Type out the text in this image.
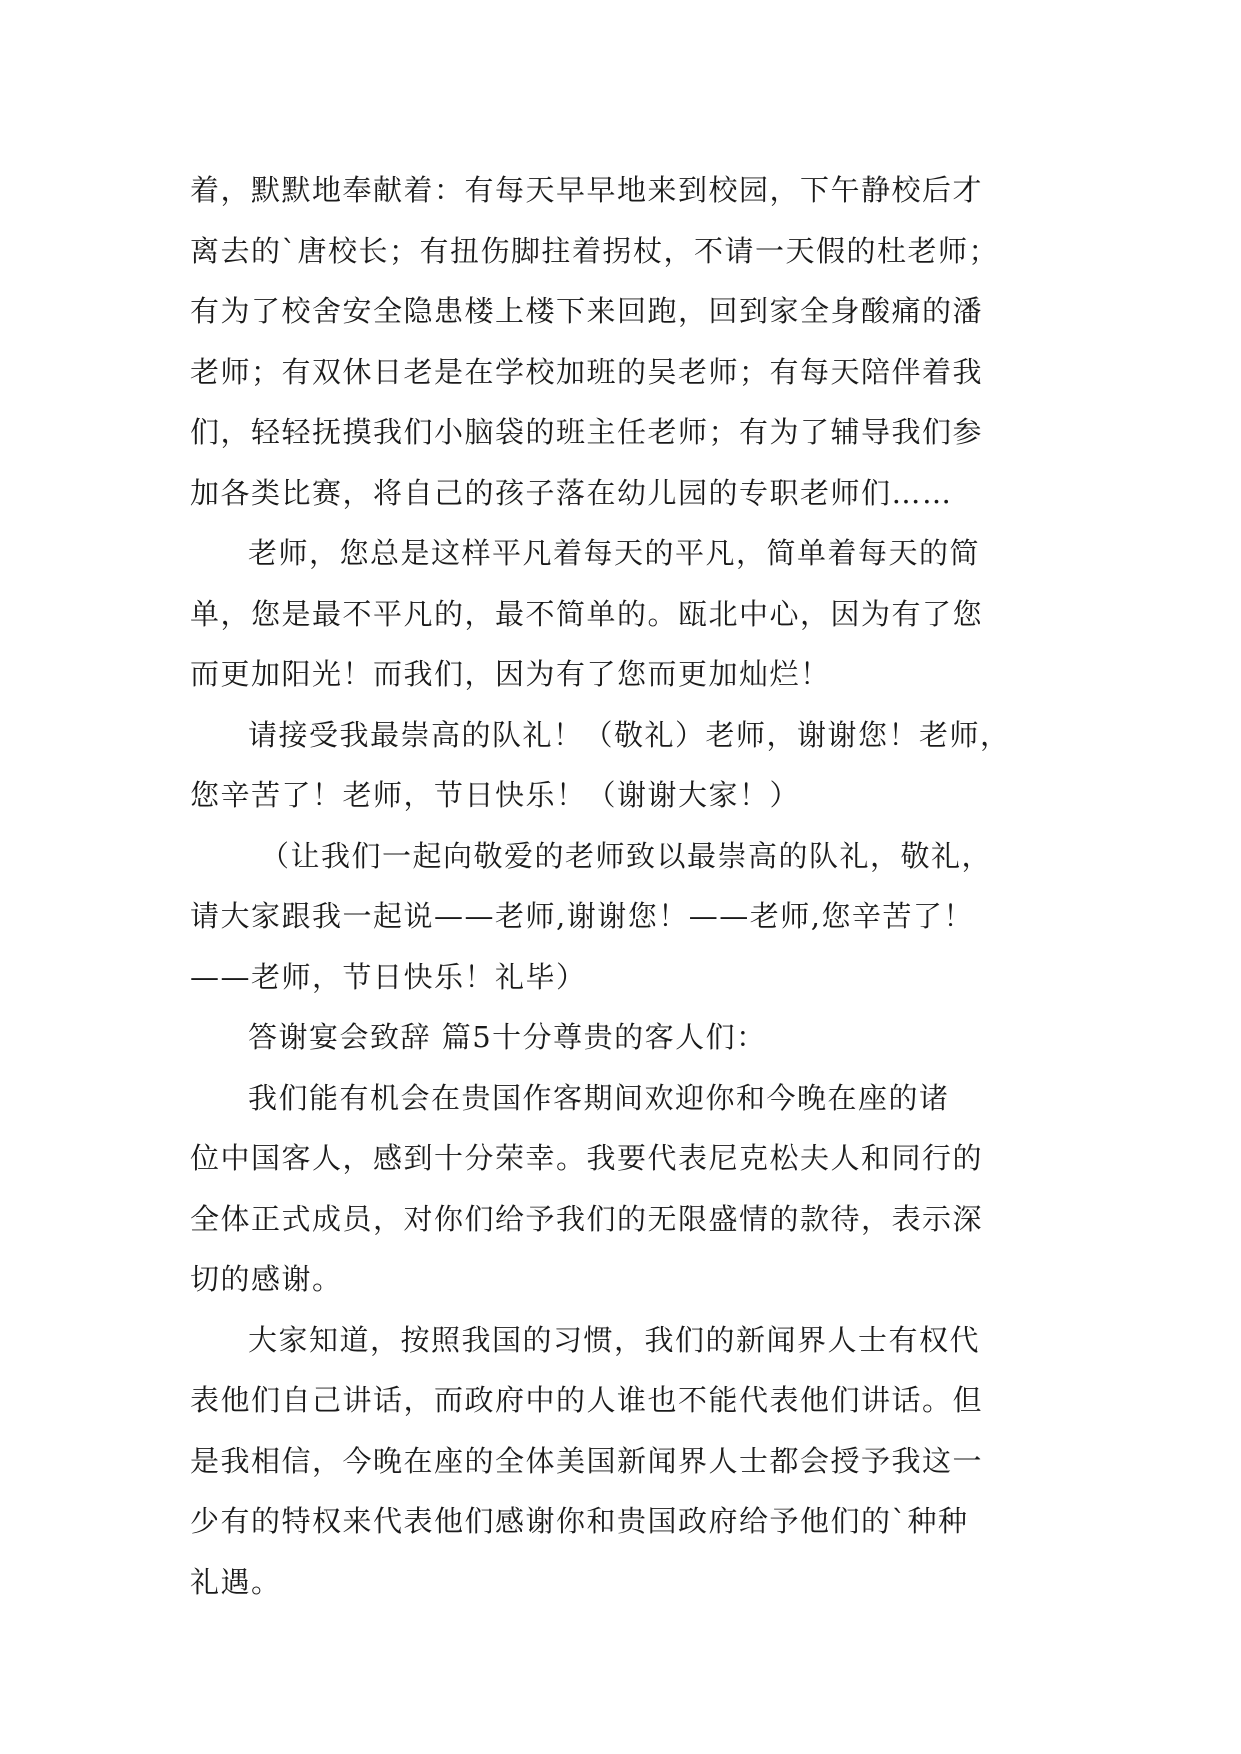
着，默默地奉献着：有每天早早地来到校园，下午静校后才
离去的`唐校长；有扭伤脚拄着拐杖，不请一天假的杜老师；
有为了校舍安全隐患楼上楼下来回跑，回到家全身酸痛的潘
老师；有双休日老是在学校加班的吴老师；有每天陪伴着我
们，轻轻抚摸我们小脑袋的班主任老师；有为了辅导我们参
加各类比赛，将自己的孩子落在幼儿园的专职老师们……
老师，您总是这样平凡着每天的平凡，简单着每天的简
单，您是最不平凡的，最不简单的。瓯北中心，因为有了您
而更加阳光！而我们，因为有了您而更加灿烂！
请接受我最崇高的队礼！（敬礼）老师，谢谢您！老师，
您辛苦了！老师，节日快乐！（谢谢大家！）
（让我们一起向敬爱的老师致以最崇高的队礼，敬礼，
请大家跟我一起说——老师,谢谢您！——老师,您辛苦了！
——老师，节日快乐！礼毕）
答谢宴会致辞 篇5十分尊贵的客人们：
我们能有机会在贵国作客期间欢迎你和今晚在座的诸
位中国客人，感到十分荣幸。我要代表尼克松夫人和同行的
全体正式成员，对你们给予我们的无限盛情的款待，表示深
切的感谢。
大家知道，按照我国的习惯，我们的新闻界人士有权代
表他们自己讲话，而政府中的人谁也不能代表他们讲话。但
是我相信，今晚在座的全体美国新闻界人士都会授予我这一
少有的特权来代表他们感谢你和贵国政府给予他们的`种种
礼遇。
